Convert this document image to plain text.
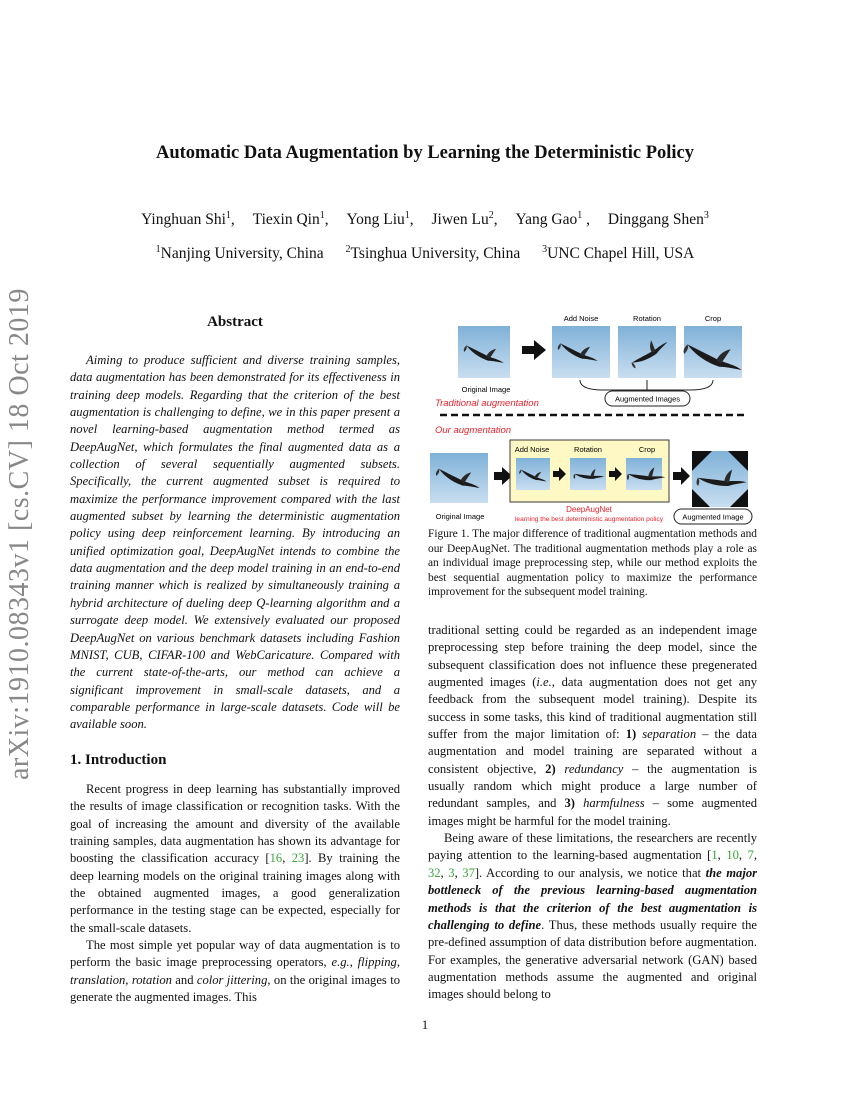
arXiv:1910.08343v1 [cs.CV] 18 Oct 2019
Automatic Data Augmentation by Learning the Deterministic Policy
Yinghuan Shi$^1$, Tiexin Qin$^1$, Yong Liu$^1$, Jiwen Lu$^2$, Yang Gao$^1$ , Dinggang Shen$^3$
$^1$Nanjing University, China $^2$Tsinghua University, China $^3$UNC Chapel Hill, USA
Abstract
Aiming to produce sufficient and diverse training samples, data augmentation has been demonstrated for its effectiveness in training deep models. Regarding that the criterion of the best augmentation is challenging to define, we in this paper present a novel learning-based augmentation method termed as DeepAugNet, which formulates the final augmented data as a collection of several sequentially augmented subsets. Specifically, the current augmented subset is required to maximize the performance improvement compared with the last augmented subset by learning the deterministic augmentation policy using deep reinforcement learning. By introducing an unified optimization goal, DeepAugNet intends to combine the data augmentation and the deep model training in an end-to-end training manner which is realized by simultaneously training a hybrid architecture of dueling deep Q-learning algorithm and a surrogate deep model. We extensively evaluated our proposed DeepAugNet on various benchmark datasets including Fashion MNIST, CUB, CIFAR-100 and WebCaricature. Compared with the current state-of-the-arts, our method can achieve a significant improvement in small-scale datasets, and a comparable performance in large-scale datasets. Code will be available soon.
1. Introduction

Recent progress in deep learning has substantially improved the results of image classification or recognition tasks. With the goal of increasing the amount and diversity of the available training samples, data augmentation has shown its advantage for boosting the classification accuracy [16, 23]. By training the deep learning models on the original training images along with the obtained augmented images, a good generalization performance in the testing stage can be expected, especially for the small-scale datasets.

The most simple yet popular way of data augmentation is to perform the basic image preprocessing operators, e.g., flipping, translation, rotation and color jittering, on the original images to generate the augmented images. This

Add Noise	Rotation	Crop
Original Image
Augmented Images
Traditional augmentation
Our augmentation
Add Noise	Rotation	Crop
Original Image
DeepAugNet
learning the best deterministic augmentation policy	Augmented Image
Figure 1. The major difference of traditional augmentation methods and our DeepAugNet. The traditional augmentation methods play a role as an individual image preprocessing step, while our method exploits the best sequential augmentation policy to maximize the performance improvement for the subsequent model training.

traditional setting could be regarded as an independent image preprocessing step before training the deep model, since the subsequent classification does not influence these pregenerated augmented images (i.e., data augmentation does not get any feedback from the subsequent model training). Despite its success in some tasks, this kind of traditional augmentation still suffer from the major limitation of: 1) separation – the data augmentation and model training are separated without a consistent objective, 2) redundancy – the augmentation is usually random which might produce a large number of redundant samples, and 3) harmfulness – some augmented images might be harmful for the model training.

Being aware of these limitations, the researchers are recently paying attention to the learning-based augmentation [1, 10, 7, 32, 3, 37]. According to our analysis, we notice that the major bottleneck of the previous learning-based augmentation methods is that the criterion of the best augmentation is challenging to define. Thus, these methods usually require the pre-defined assumption of data distribution before augmentation. For examples, the generative adversarial network (GAN) based augmentation methods assume the augmented and original images should belong to

1
